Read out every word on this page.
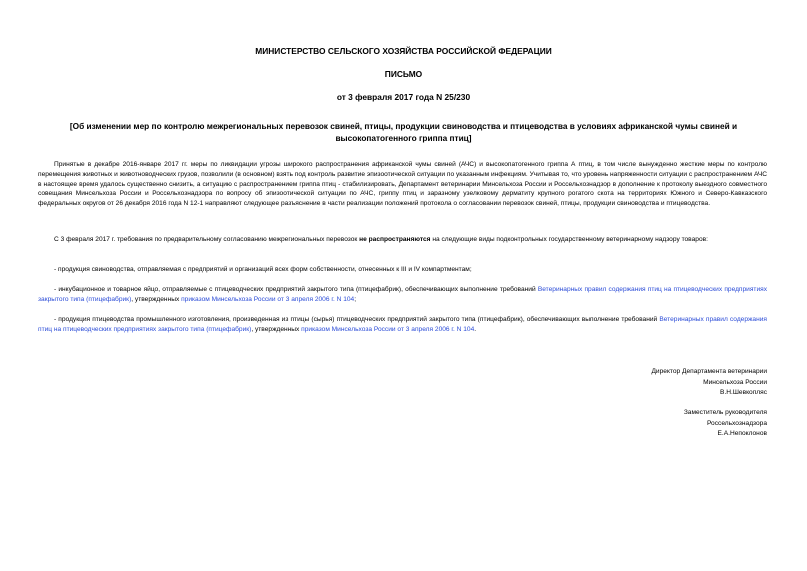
МИНИСТЕРСТВО СЕЛЬСКОГО ХОЗЯЙСТВА РОССИЙСКОЙ ФЕДЕРАЦИИ
ПИСЬМО
от 3 февраля 2017 года N 25/230
[Об изменении мер по контролю межрегиональных перевозок свиней, птицы, продукции свиноводства и птицеводства в условиях африканской чумы свиней и высокопатогенного гриппа птиц]

Принятые в декабре 2016-январе 2017 гг. меры по ликвидации угрозы широкого распространения африканской чумы свиней (АЧС) и высокопатогенного гриппа А птиц, в том числе вынужденно жесткие меры по контролю перемещения животных и животноводческих грузов, позволили (в основном) взять под контроль развитие эпизоотической ситуации по указанным инфекциям. Учитывая то, что уровень напряженности ситуации с распространением АЧС в настоящее время удалось существенно снизить, а ситуацию с распространением гриппа птиц - стабилизировать, Департамент ветеринарии Минсельхоза России и Россельхознадзор в дополнение к протоколу выездного совместного совещания Минсельхоза России и Россельхознадзора по вопросу об эпизоотической ситуации по АЧС, гриппу птиц и заразному узелковому дерматиту крупного рогатого скота на территориях Южного и Северо-Кавказского федеральных округов от 26 декабря 2016 года N 12-1 направляют следующее разъяснение в части реализации положений протокола о согласовании перевозок свиней, птицы, продукции свиноводства и птицеводства.

С 3 февраля 2017 г. требования по предварительному согласованию межрегиональных перевозок не распространяются на следующие виды подконтрольных государственному ветеринарному надзору товаров:

- продукция свиноводства, отправляемая с предприятий и организаций всех форм собственности, отнесенных к III и IV компартментам;

- инкубационное и товарное яйцо, отправляемые с птицеводческих предприятий закрытого типа (птицефабрик), обеспечивающих выполнение требований Ветеринарных правил содержания птиц на птицеводческих предприятиях закрытого типа (птицефабрик), утвержденных приказом Минсельхоза России от 3 апреля 2006 г. N 104;

- продукция птицеводства промышленного изготовления, произведенная из птицы (сырья) птицеводческих предприятий закрытого типа (птицефабрик), обеспечивающих выполнение требований Ветеринарных правил содержания птиц на птицеводческих предприятиях закрытого типа (птицефабрик), утвержденных приказом Минсельхоза России от 3 апреля 2006 г. N 104.

Директор Департамента ветеринарии
Минсельхоза России
В.Н.Шевкопляс
Заместитель руководителя
Россельхознадзора
Е.А.Непоклонов
